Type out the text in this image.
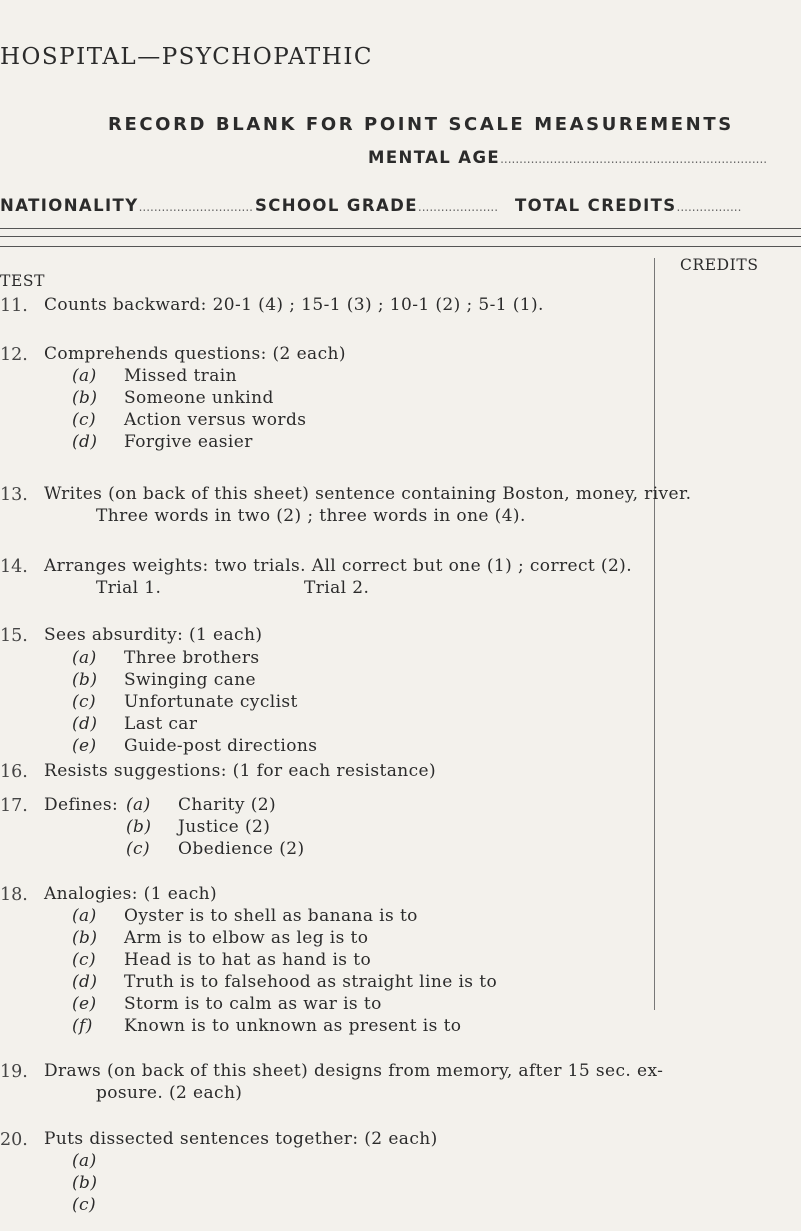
HOSPITAL—PSYCHOPATHIC
RECORD BLANK FOR POINT SCALE MEASUREMENTS
MENTAL AGE......................................................................
NATIONALITY.............................. SCHOOL GRADE..................... TOTAL CREDITS.................
CREDITS
TEST
11. Counts backward: 20-1 (4) ; 15-1 (3) ; 10-1 (2) ; 5-1 (1).
12. Comprehends questions: (2 each)
(a) Missed train
(b) Someone unkind
(c) Action versus words
(d) Forgive easier
13. Writes (on back of this sheet) sentence containing Boston, money, river.
Three words in two (2) ; three words in one (4).
14. Arranges weights: two trials. All correct but one (1) ; correct (2).
Trial 1.	Trial 2.
15. Sees absurdity: (1 each)
(a) Three brothers
(b) Swinging cane
(c) Unfortunate cyclist
(d) Last car
(e) Guide-post directions
16. Resists suggestions: (1 for each resistance)
17. Defines: (a) Charity (2)
(b) Justice (2)
(c) Obedience (2)
18. Analogies: (1 each)
(a) Oyster is to shell as banana is to
(b) Arm is to elbow as leg is to
(c) Head is to hat as hand is to
(d) Truth is to falsehood as straight line is to
(e) Storm is to calm as war is to
(f) Known is to unknown as present is to
19. Draws (on back of this sheet) designs from memory, after 15 sec. ex-
posure. (2 each)
20. Puts dissected sentences together: (2 each)
(a)
(b)
(c)
